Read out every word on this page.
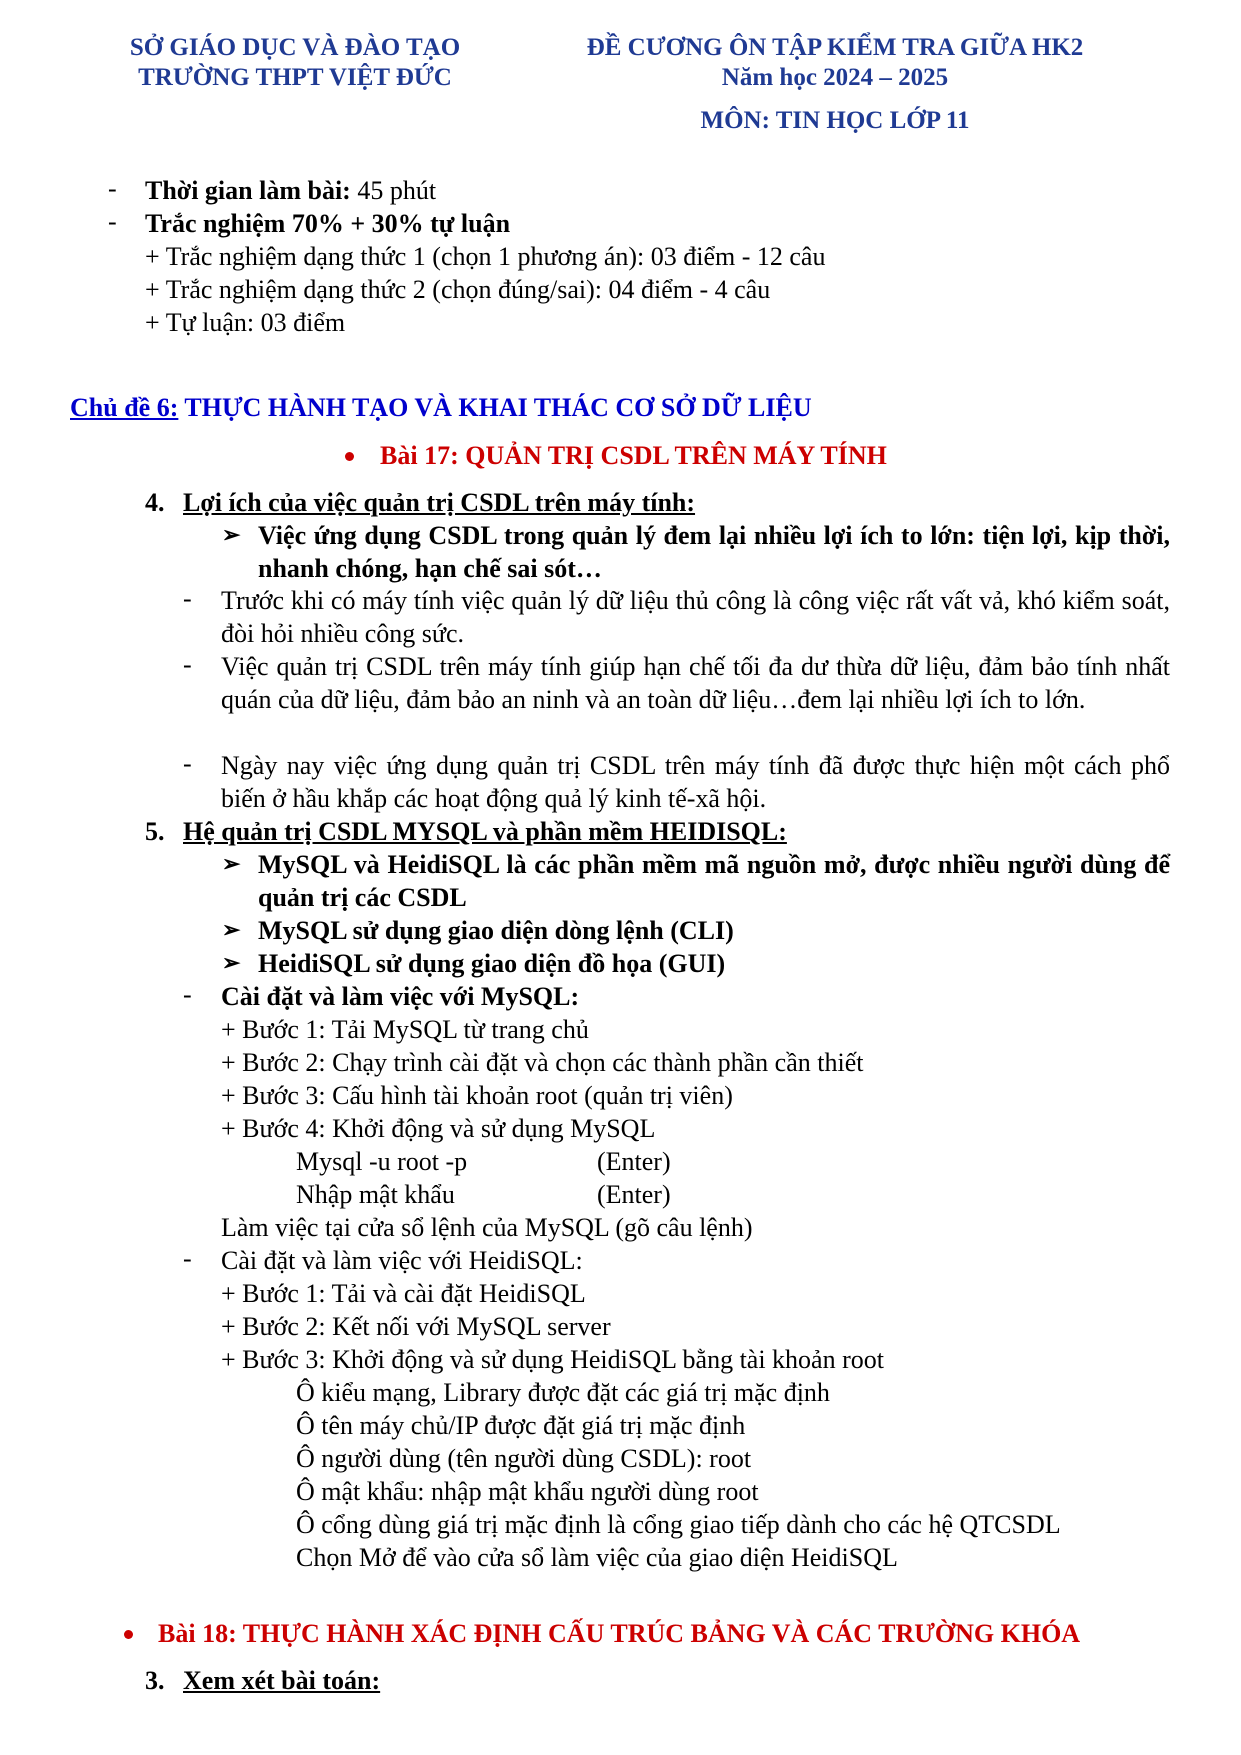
SỞ GIÁO DỤC VÀ ĐÀO TẠO
TRƯỜNG THPT VIỆT ĐỨC
ĐỀ CƯƠNG ÔN TẬP KIỂM TRA GIỮA HK2
Năm học 2024 – 2025
MÔN: TIN HỌC LỚP 11
- Thời gian làm bài: 45 phút
- Trắc nghiệm 70% + 30% tự luận
+ Trắc nghiệm dạng thức 1 (chọn 1 phương án): 03 điểm - 12 câu
+ Trắc nghiệm dạng thức 2 (chọn đúng/sai): 04 điểm - 4 câu
+ Tự luận: 03 điểm
Chủ đề 6: THỰC HÀNH TẠO VÀ KHAI THÁC CƠ SỞ DỮ LIỆU
Bài 17: QUẢN TRỊ CSDL TRÊN MÁY TÍNH
4. Lợi ích của việc quản trị CSDL trên máy tính:
➢ Việc ứng dụng CSDL trong quản lý đem lại nhiều lợi ích to lớn: tiện lợi, kịp thời, nhanh chóng, hạn chế sai sót…
- Trước khi có máy tính việc quản lý dữ liệu thủ công là công việc rất vất vả, khó kiểm soát, đòi hỏi nhiều công sức.
- Việc quản trị CSDL trên máy tính giúp hạn chế tối đa dư thừa dữ liệu, đảm bảo tính nhất quán của dữ liệu, đảm bảo an ninh và an toàn dữ liệu…đem lại nhiều lợi ích to lớn.
- Ngày nay việc ứng dụng quản trị CSDL trên máy tính đã được thực hiện một cách phổ biến ở hầu khắp các hoạt động quả lý kinh tế-xã hội.
5. Hệ quản trị CSDL MYSQL và phần mềm HEIDISQL:
➢ MySQL và HeidiSQL là các phần mềm mã nguồn mở, được nhiều người dùng để quản trị các CSDL
➢ MySQL sử dụng giao diện dòng lệnh (CLI)
➢ HeidiSQL sử dụng giao diện đồ họa (GUI)
- Cài đặt và làm việc với MySQL:
+ Bước 1: Tải MySQL từ trang chủ
+ Bước 2: Chạy trình cài đặt và chọn các thành phần cần thiết
+ Bước 3: Cấu hình tài khoản root (quản trị viên)
+ Bước 4: Khởi động và sử dụng MySQL
Mysql -u root -p	(Enter)
Nhập mật khẩu	(Enter)
Làm việc tại cửa sổ lệnh của MySQL (gõ câu lệnh)
- Cài đặt và làm việc với HeidiSQL:
+ Bước 1: Tải và cài đặt HeidiSQL
+ Bước 2: Kết nối với MySQL server
+ Bước 3: Khởi động và sử dụng HeidiSQL bằng tài khoản root
Ô kiểu mạng, Library được đặt các giá trị mặc định
Ô tên máy chủ/IP được đặt giá trị mặc định
Ô người dùng (tên người dùng CSDL): root
Ô mật khẩu: nhập mật khẩu người dùng root
Ô cổng dùng giá trị mặc định là cổng giao tiếp dành cho các hệ QTCSDL
Chọn Mở để vào cửa sổ làm việc của giao diện HeidiSQL
Bài 18: THỰC HÀNH XÁC ĐỊNH CẤU TRÚC BẢNG VÀ CÁC TRƯỜNG KHÓA
3. Xem xét bài toán:
